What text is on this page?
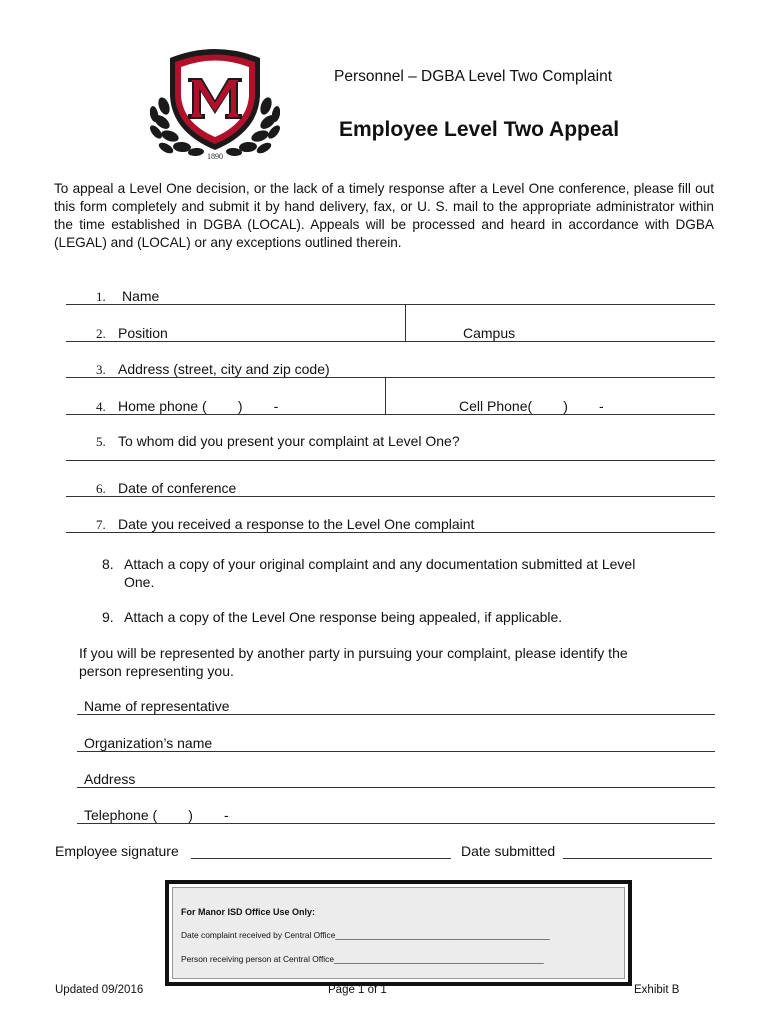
1890
Personnel – DGBA Level Two Complaint
Employee Level Two Appeal

To appeal a Level One decision, or the lack of a timely response after a Level One conference, please fill out this form completely and submit it by hand delivery, fax, or U. S. mail to the appropriate administrator within the time established in DGBA (LOCAL). Appeals will be processed and heard in accordance with DGBA (LEGAL) and (LOCAL) or any exceptions outlined therein.

1. Name
2. Position	Campus
3. Address (street, city and zip code)
4. Home phone (        )        -	Cell Phone(        )        -
5. To whom did you present your complaint at Level One?
6. Date of conference
7. Date you received a response to the Level One complaint
8. Attach a copy of your original complaint and any documentation submitted at Level
One.
9. Attach a copy of the Level One response being appealed, if applicable.
If you will be represented by another party in pursuing your complaint, please identify the
person representing you.
Name of representative
Organization’s name
Address
Telephone (        )        -
Employee signature	Date submitted
For Manor ISD Office Use Only:
Date complaint received by Central Office______________________________________________
Person receiving person at Central Office_____________________________________________
Updated 09/2016	Page 1 of 1	Exhibit B
